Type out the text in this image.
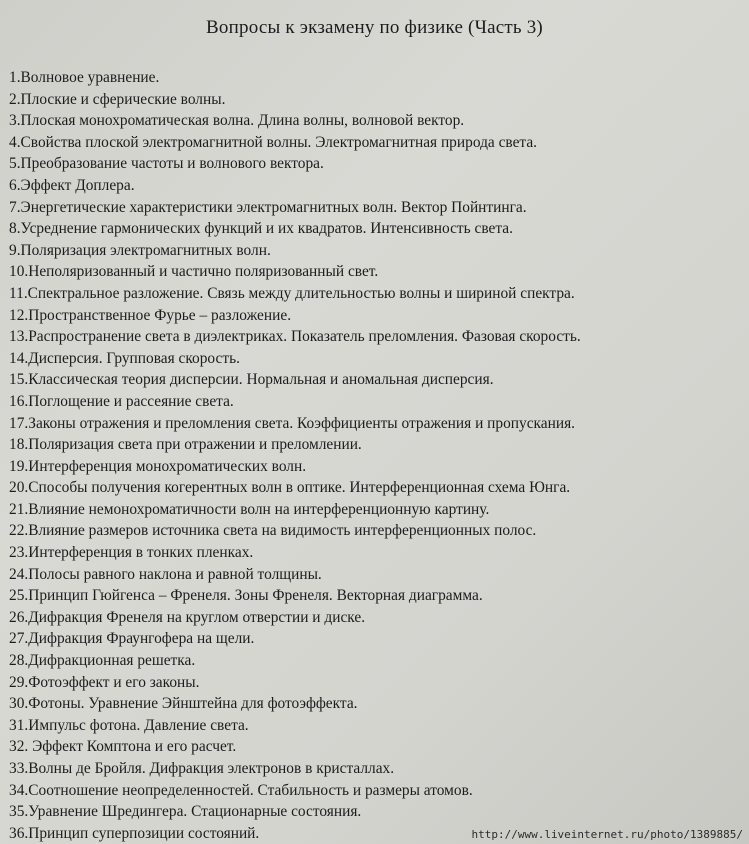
Вопросы к экзамену по физике (Часть 3)
1.Волновое уравнение.
2.Плоские и сферические волны.
3.Плоская монохроматическая волна. Длина волны, волновой вектор.
4.Свойства плоской электромагнитной волны. Электромагнитная природа света.
5.Преобразование частоты и волнового вектора.
6.Эффект Доплера.
7.Энергетические характеристики электромагнитных волн. Вектор Пойнтинга.
8.Усреднение гармонических функций и их квадратов. Интенсивность света.
9.Поляризация электромагнитных волн.
10.Неполяризованный и частично поляризованный свет.
11.Спектральное разложение. Связь между длительностью волны и шириной спектра.
12.Пространственное Фурье – разложение.
13.Распространение света в диэлектриках. Показатель преломления. Фазовая скорость.
14.Дисперсия. Групповая скорость.
15.Классическая теория дисперсии. Нормальная и аномальная дисперсия.
16.Поглощение и рассеяние света.
17.Законы отражения и преломления света. Коэффициенты отражения и пропускания.
18.Поляризация света при отражении и преломлении.
19.Интерференция монохроматических волн.
20.Способы получения когерентных волн в оптике. Интерференционная схема Юнга.
21.Влияние немонохроматичности волн на интерференционную картину.
22.Влияние размеров источника света на видимость интерференционных полос.
23.Интерференция в тонких пленках.
24.Полосы равного наклона и равной толщины.
25.Принцип Гюйгенса – Френеля. Зоны Френеля. Векторная диаграмма.
26.Дифракция Френеля на круглом отверстии и диске.
27.Дифракция Фраунгофера на щели.
28.Дифракционная решетка.
29.Фотоэффект и его законы.
30.Фотоны. Уравнение Эйнштейна для фотоэффекта.
31.Импульс фотона. Давление света.
32. Эффект Комптона и его расчет.
33.Волны де Бройля. Дифракция электронов в кристаллах.
34.Соотношение неопределенностей. Стабильность и размеры атомов.
35.Уравнение Шредингера. Стационарные состояния.
36.Принцип суперпозиции состояний.	http://www.liveinternet.ru/photo/1389885/
